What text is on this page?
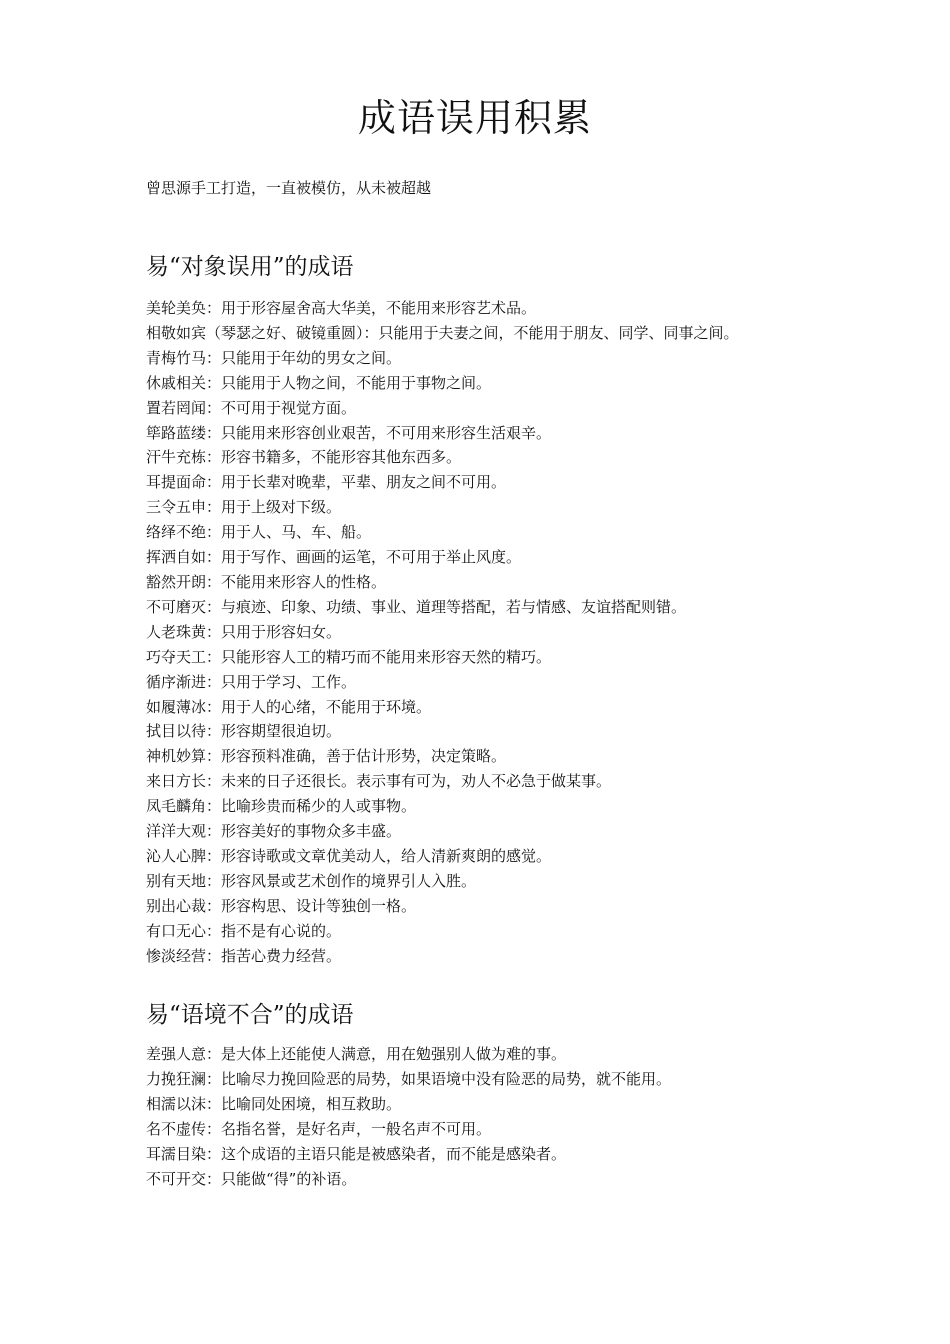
成语误用积累

曾思源手工打造，一直被模仿，从未被超越

易“对象误用”的成语
美轮美奂：用于形容屋舍高大华美，不能用来形容艺术品。
相敬如宾（琴瑟之好、破镜重圆）：只能用于夫妻之间，不能用于朋友、同学、同事之间。
青梅竹马：只能用于年幼的男女之间。
休戚相关：只能用于人物之间，不能用于事物之间。
置若罔闻：不可用于视觉方面。
筚路蓝缕：只能用来形容创业艰苦，不可用来形容生活艰辛。
汗牛充栋：形容书籍多，不能形容其他东西多。
耳提面命：用于长辈对晚辈，平辈、朋友之间不可用。
三令五申：用于上级对下级。
络绎不绝：用于人、马、车、船。
挥洒自如：用于写作、画画的运笔，不可用于举止风度。
豁然开朗：不能用来形容人的性格。
不可磨灭：与痕迹、印象、功绩、事业、道理等搭配，若与情感、友谊搭配则错。
人老珠黄：只用于形容妇女。
巧夺天工：只能形容人工的精巧而不能用来形容天然的精巧。
循序渐进：只用于学习、工作。
如履薄冰：用于人的心绪，不能用于环境。
拭目以待：形容期望很迫切。
神机妙算：形容预料准确，善于估计形势，决定策略。
来日方长：未来的日子还很长。表示事有可为，劝人不必急于做某事。
凤毛麟角：比喻珍贵而稀少的人或事物。
洋洋大观：形容美好的事物众多丰盛。
沁人心脾：形容诗歌或文章优美动人，给人清新爽朗的感觉。
别有天地：形容风景或艺术创作的境界引人入胜。
别出心裁：形容构思、设计等独创一格。
有口无心：指不是有心说的。
惨淡经营：指苦心费力经营。
易“语境不合”的成语
差强人意：是大体上还能使人满意，用在勉强别人做为难的事。
力挽狂澜：比喻尽力挽回险恶的局势，如果语境中没有险恶的局势，就不能用。
相濡以沫：比喻同处困境，相互救助。
名不虚传：名指名誉，是好名声，一般名声不可用。
耳濡目染：这个成语的主语只能是被感染者，而不能是感染者。
不可开交：只能做“得”的补语。
